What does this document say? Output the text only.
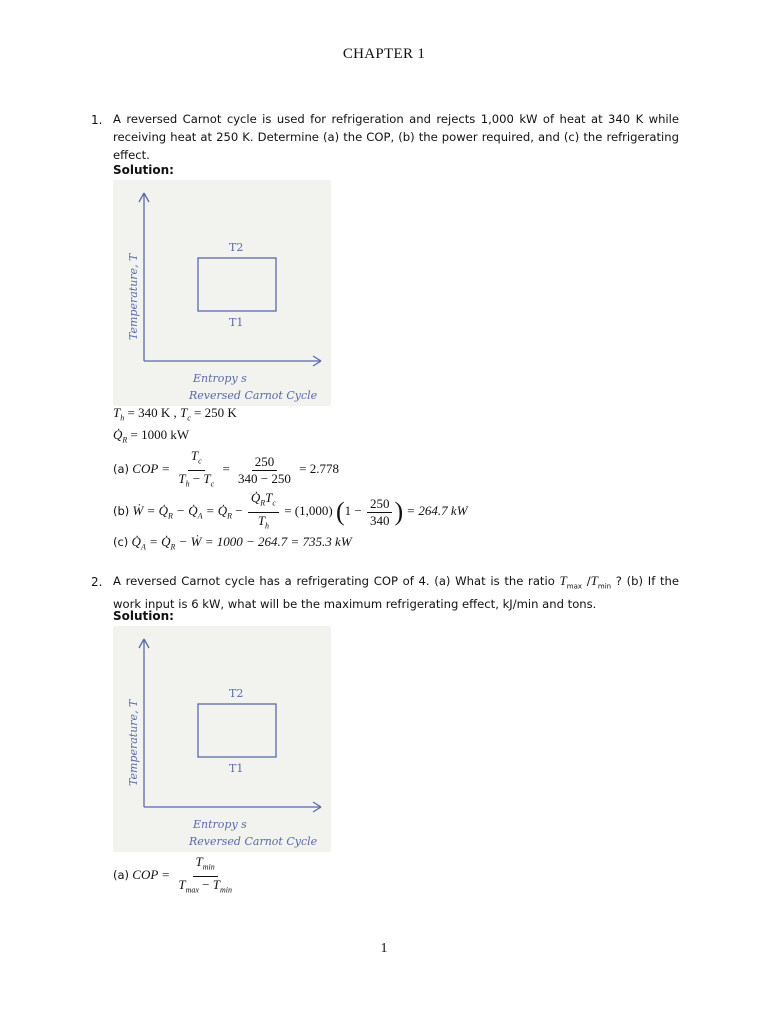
CHAPTER 1
1. A reversed Carnot cycle is used for refrigeration and rejects 1,000 kW of heat at 340 K while receiving heat at 250 K. Determine (a) the COP, (b) the power required, and (c) the refrigerating effect.

Solution:
Temperature, T
Entropy s
Reversed Carnot Cycle
T2
T1
$T_h = 340$ K , $T_c = 250$ K
$Q̇_R = 1000$ kW
(a) COP = $\frac{T_c}{T_h - T_c} = \frac{250}{340 - 250} = 2.778$
(b) Ẇ = $Q̇_R$ − $Q̇_A$ = $Q̇_R - \frac{Q̇_RT_c}{T_h} = (1,000) (1 - \frac{250}{340}$ ) = 264.7 kW
(c) $Q̇_A$ = $Q̇_R$ − Ẇ = 1000 − 264.7 = 735.3 kW
2. A reversed Carnot cycle has a refrigerating COP of 4. (a) What is the ratio $T_{max}$ $/T_{min}$ ? (b) If the work input is 6 kW, what will be the maximum refrigerating effect, kJ/min and tons.

Solution:
Temperature, T
Entropy s
Reversed Carnot Cycle
T2
T1
(a) COP = $\frac{T_{min}}{T_{max} - T_{min}}$
1
